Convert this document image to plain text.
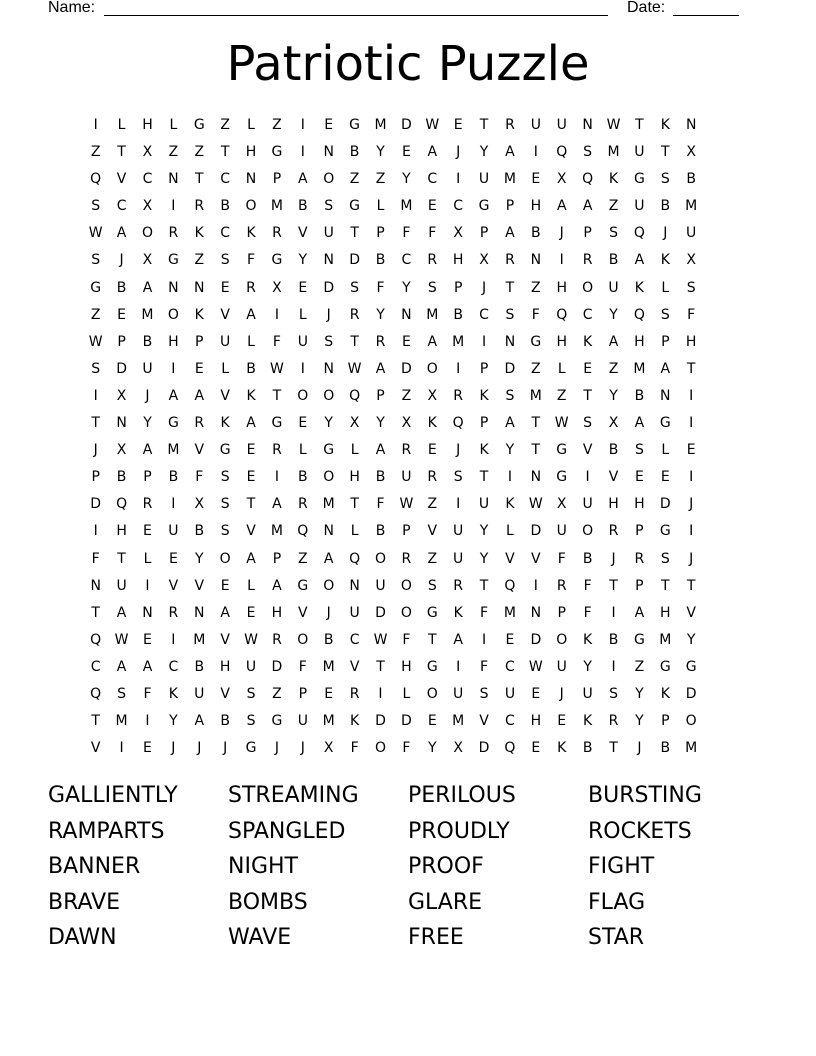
Name:	Date:
Patriotic Puzzle
I	L	H	L	G	Z	L	Z	I	E	G M D W	E	T	R	U	U	N W	T	K	N
Z	T	X	Z	Z	T	H	G	I	N	B	Y	E	A	J	Y	A	I	Q	S	M	U	T	X
Q	V	C	N	T	C	N	P	A	O	Z	Z	Y	C	I	U	M	E	X	Q	K	G	S	B
S	C	X	I	R	B	O M	B	S	G	L	M	E	C	G	P	H	A	A	Z	U	B	M
W A	O	R	K	C	K	R	V	U	T	P	F	F	X	P	A	B	J	P	S	Q	J	U
S	J	X	G	Z	S	F	G	Y	N	D	B	C	R	H	X	R	N	I	R	B	A	K	X
G	B	A	N	N	E	R	X	E	D	S	F	Y	S	P	J	T	Z	H	O	U	K	L	S
Z	E	M O	K	V	A	I	L	J	R	Y	N	M	B	C	S	F	Q	C	Y	Q	S	F
W	P	B	H	P	U	L	F	U	S	T	R	E	A	M	I	N	G	H	K	A	H	P	H
S	D	U	I	E	L	B W	I	N W A	D	O	I	P	D	Z	L	E	Z	M	A	T
I	X	J	A	A	V	K	T	O	O	Q	P	Z	X	R	K	S	M	Z	T	Y	B	N	I
T	N	Y	G	R	K	A	G	E	Y	X	Y	X	K	Q	P	A	T	W	S	X	A	G	I
J	X	A	M	V	G	E	R	L	G	L	A	R	E	J	K	Y	T	G	V	B	S	L	E
P	B	P	B	F	S	E	I	B	O	H	B	U	R	S	T	I	N	G	I	V	E	E	I
D	Q	R	I	X	S	T	A	R	M	T	F	W Z	I	U	K W X	U	H	H	D	J
I	H	E	U	B	S	V	M Q	N	L	B	P	V	U	Y	L	D	U	O	R	P	G	I
F	T	L	E	Y	O	A	P	Z	A	Q	O	R	Z	U	Y	V	V	F	B	J	R	S	J
N	U	I	V	V	E	L	A	G	O	N	U	O	S	R	T	Q	I	R	F	T	P	T	T
T	A	N	R	N	A	E	H	V	J	U	D	O	G	K	F	M	N	P	F	I	A	H	V
Q W	E	I	M	V W R	O	B	C W	F	T	A	I	E	D	O	K	B	G M	Y
C	A	A	C	B	H	U	D	F	M	V	T	H	G	I	F	C W U	Y	I	Z	G	G
Q	S	F	K	U	V	S	Z	P	E	R	I	L	O	U	S	U	E	J	U	S	Y	K	D
T	M	I	Y	A	B	S	G	U	M	K	D	D	E	M	V	C	H	E	K	R	Y	P	O
V	I	E	J	J	J	G	J	J	X	F	O	F	Y	X	D	Q	E	K	B	T	J	B	M
GALLIENTLY	STREAMING	PERILOUS	BURSTING
RAMPARTS	SPANGLED	PROUDLY	ROCKETS
BANNER	NIGHT	PROOF	FIGHT
BRAVE	BOMBS	GLARE	FLAG
DAWN	WAVE	FREE	STAR
